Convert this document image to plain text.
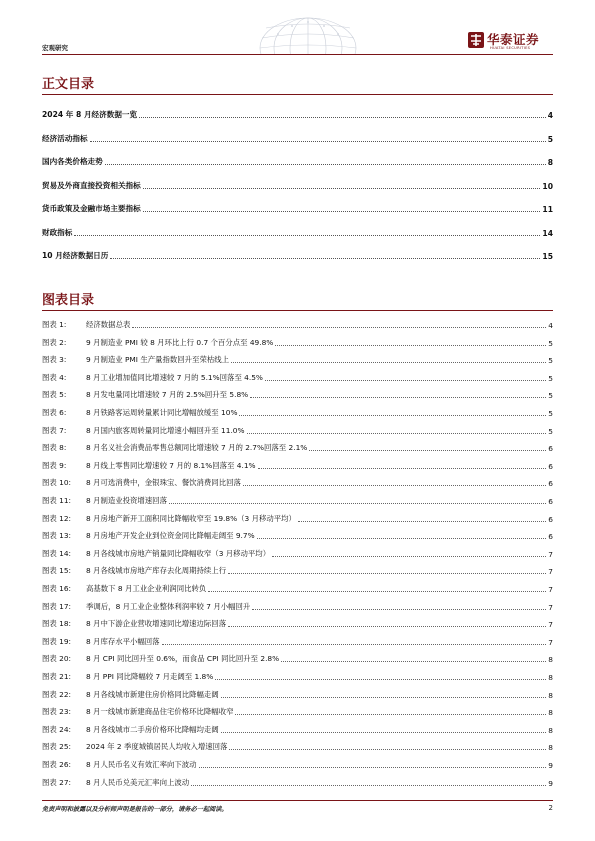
宏观研究
华泰证券
HUATAI SECURITIES
正文目录
2024 年 8 月经济数据一览	4
经济活动指标	5
国内各类价格走势	8
贸易及外商直接投资相关指标	10
货币政策及金融市场主要指标	11
财政指标	14
10 月经济数据日历	15
图表目录
图表 1:	经济数据总表	4
图表 2:	9 月制造业 PMI 较 8 月环比上行 0.7 个百分点至 49.8%	5
图表 3:	9 月制造业 PMI 生产量指数回升至荣枯线上	5
图表 4:	8 月工业增加值同比增速较 7 月的 5.1%回落至 4.5%	5
图表 5:	8 月发电量同比增速较 7 月的 2.5%回升至 5.8%	5
图表 6:	8 月铁路客运周转量累计同比增幅放缓至 10%	5
图表 7:	8 月国内旅客周转量同比增速小幅回升至 11.0%	5
图表 8:	8 月名义社会消费品零售总额同比增速较 7 月的 2.7%回落至 2.1%	6
图表 9:	8 月线上零售同比增速较 7 月的 8.1%回落至 4.1%	6
图表 10:	8 月可选消费中，金银珠宝、餐饮消费同比回落	6
图表 11:	8 月制造业投资增速回落	6
图表 12:	8 月房地产新开工面积同比降幅收窄至 19.8%（3 月移动平均）	6
图表 13:	8 月房地产开发企业到位资金同比降幅走阔至 9.7%	6
图表 14:	8 月各线城市房地产销量同比降幅收窄（3 月移动平均）	7
图表 15:	8 月各线城市房地产库存去化周期持续上行	7
图表 16:	高基数下 8 月工业企业利润同比转负	7
图表 17:	季调后，8 月工业企业整体利润率较 7 月小幅回升	7
图表 18:	8 月中下游企业营收增速同比增速边际回落	7
图表 19:	8 月库存水平小幅回落	7
图表 20:	8 月 CPI 同比回升至 0.6%，而食品 CPI 同比回升至 2.8%	8
图表 21:	8 月 PPI 同比降幅较 7 月走阔至 1.8%	8
图表 22:	8 月各线城市新建住房价格同比降幅走阔	8
图表 23:	8 月一线城市新建商品住宅价格环比降幅收窄	8
图表 24:	8 月各线城市二手房价格环比降幅均走阔	8
图表 25:	2024 年 2 季度城镇居民人均收入增速回落	8
图表 26:	8 月人民币名义有效汇率向下波动	9
图表 27:	8 月人民币兑美元汇率向上波动	9
免责声明和披露以及分析师声明是报告的一部分，请务必一起阅读。	2
